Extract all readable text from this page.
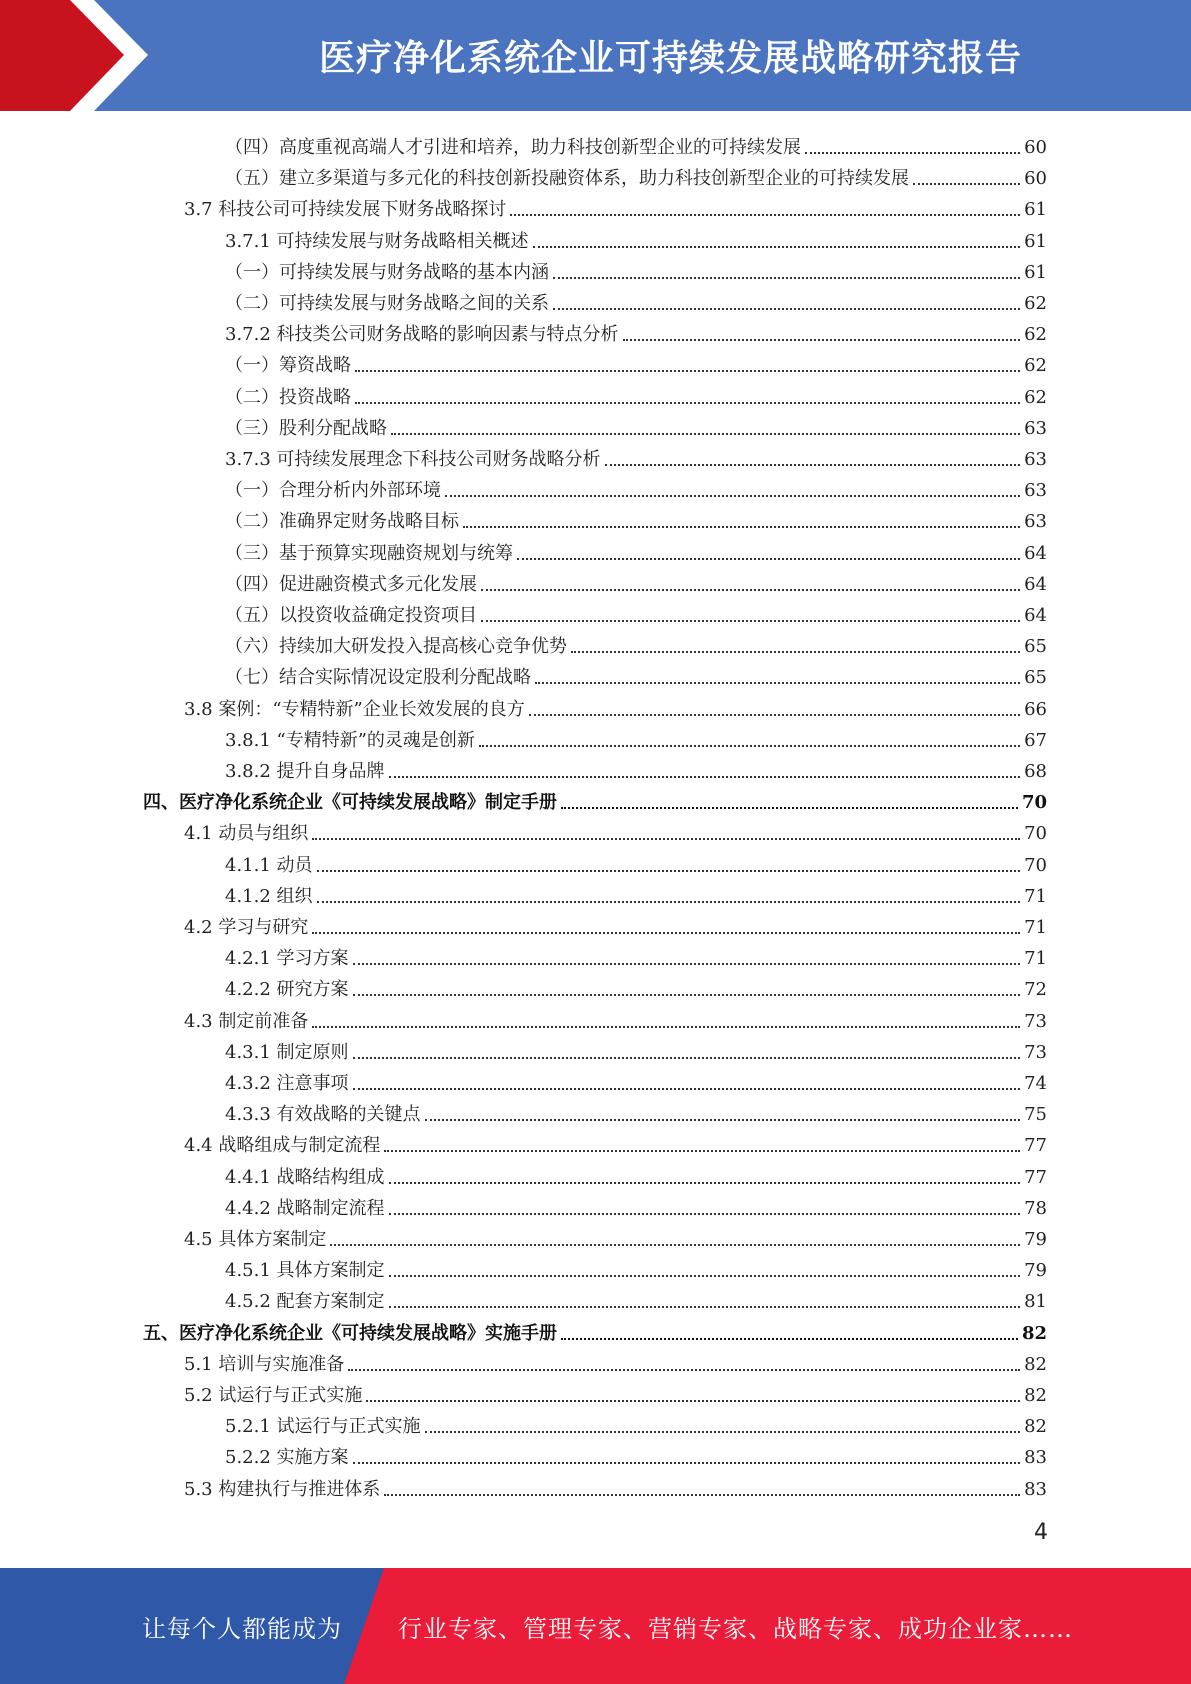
医疗净化系统企业可持续发展战略研究报告
（四）高度重视高端人才引进和培养，助力科技创新型企业的可持续发展	60
（五）建立多渠道与多元化的科技创新投融资体系，助力科技创新型企业的可持续发展	60
3.7 科技公司可持续发展下财务战略探讨	61
3.7.1 可持续发展与财务战略相关概述	61
（一）可持续发展与财务战略的基本内涵	61
（二）可持续发展与财务战略之间的关系	62
3.7.2 科技类公司财务战略的影响因素与特点分析	62
（一）筹资战略	62
（二）投资战略	62
（三）股利分配战略	63
3.7.3 可持续发展理念下科技公司财务战略分析	63
（一）合理分析内外部环境	63
（二）准确界定财务战略目标	63
（三）基于预算实现融资规划与统筹	64
（四）促进融资模式多元化发展	64
（五）以投资收益确定投资项目	64
（六）持续加大研发投入提高核心竞争优势	65
（七）结合实际情况设定股利分配战略	65
3.8 案例：“专精特新”企业长效发展的良方	66
3.8.1 “专精特新”的灵魂是创新	67
3.8.2 提升自身品牌	68
四、医疗净化系统企业《可持续发展战略》制定手册	70
4.1 动员与组织	70
4.1.1 动员	70
4.1.2 组织	71
4.2 学习与研究	71
4.2.1 学习方案	71
4.2.2 研究方案	72
4.3 制定前准备	73
4.3.1 制定原则	73
4.3.2 注意事项	74
4.3.3 有效战略的关键点	75
4.4 战略组成与制定流程	77
4.4.1 战略结构组成	77
4.4.2 战略制定流程	78
4.5 具体方案制定	79
4.5.1 具体方案制定	79
4.5.2 配套方案制定	81
五、医疗净化系统企业《可持续发展战略》实施手册	82
5.1 培训与实施准备	82
5.2 试运行与正式实施	82
5.2.1 试运行与正式实施	82
5.2.2 实施方案	83
5.3 构建执行与推进体系	83
4
让每个人都能成为 行业专家、管理专家、营销专家、战略专家、成功企业家……
